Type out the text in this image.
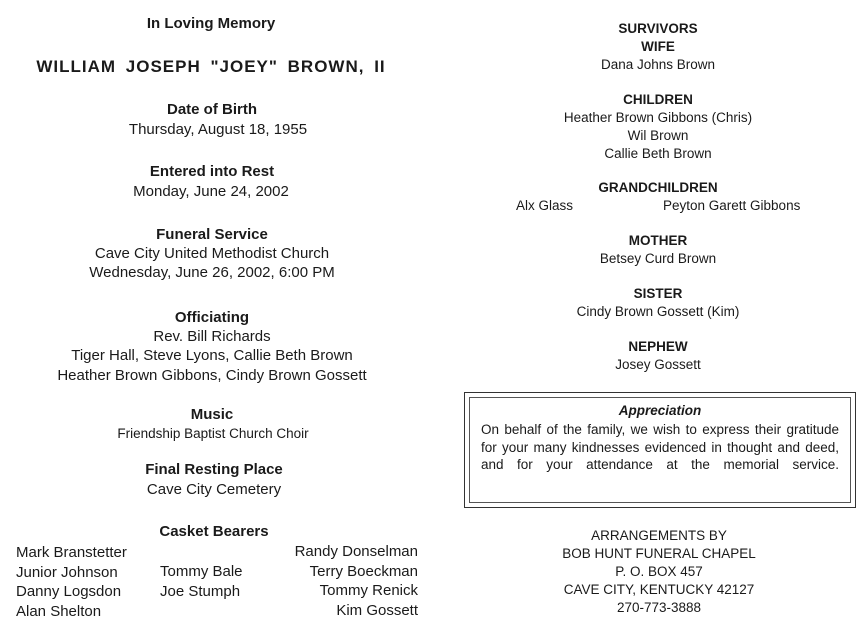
In Loving Memory
WILLIAM JOSEPH "JOEY" BROWN, II
Date of Birth
Thursday, August 18, 1955
Entered into Rest
Monday, June 24, 2002
Funeral Service
Cave City United Methodist Church
Wednesday, June 26, 2002, 6:00 PM
Officiating
Rev. Bill Richards
Tiger Hall, Steve Lyons, Callie Beth Brown
Heather Brown Gibbons, Cindy Brown Gossett
Music
Friendship Baptist Church Choir
Final Resting Place
Cave City Cemetery
Casket Bearers
Mark Branstetter
Junior Johnson
Danny Logsdon
Alan Shelton
Tommy Bale
Joe Stumph
Randy Donselman
Terry Boeckman
Tommy Renick
Kim Gossett
SURVIVORS
WIFE
Dana Johns Brown
CHILDREN
Heather Brown Gibbons (Chris)
Wil Brown
Callie Beth Brown
GRANDCHILDREN
Alx Glass	Peyton Garett Gibbons
MOTHER
Betsey Curd Brown
SISTER
Cindy Brown Gossett (Kim)
NEPHEW
Josey Gossett
Appreciation
On behalf of the family, we wish to express their gratitude for your many kindnesses evidenced in thought and deed, and for your attendance at the memorial service.
ARRANGEMENTS BY
BOB HUNT FUNERAL CHAPEL
P. O. BOX 457
CAVE CITY, KENTUCKY 42127
270-773-3888
